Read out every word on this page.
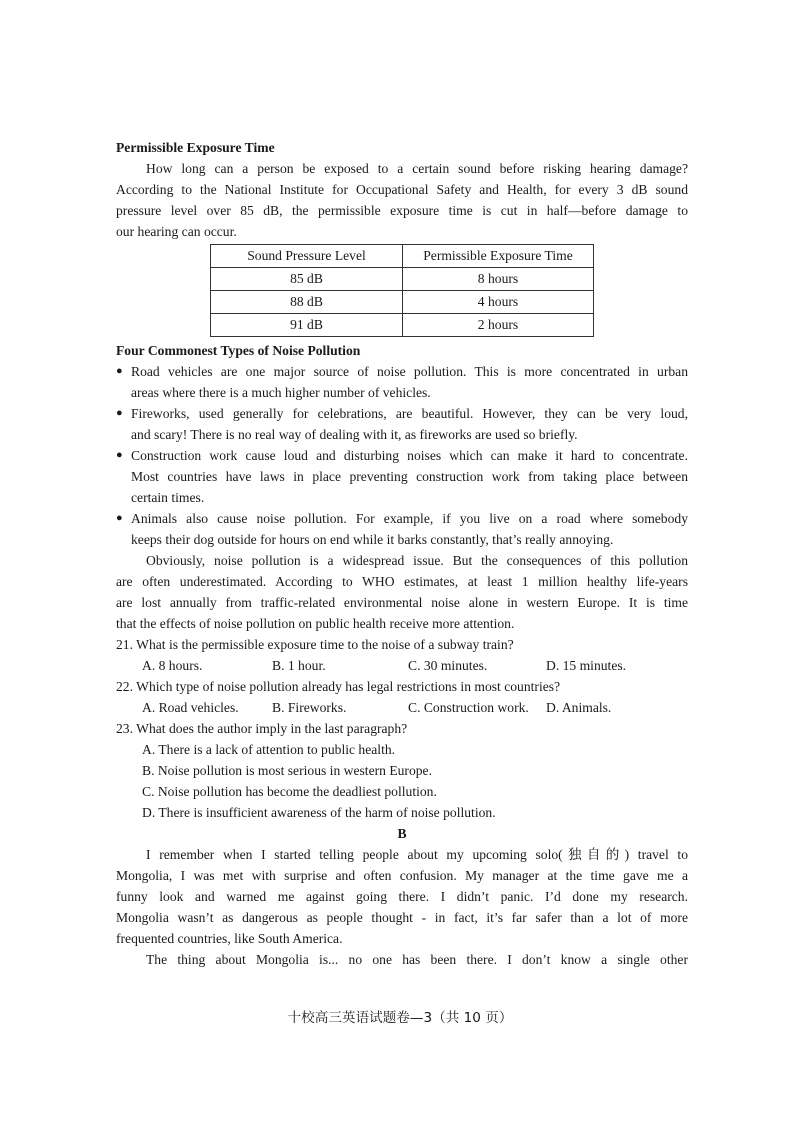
Permissible Exposure Time
How long can a person be exposed to a certain sound before risking hearing damage?
According to the National Institute for Occupational Safety and Health, for every 3 dB sound
pressure level over 85 dB, the permissible exposure time is cut in half—before damage to
our hearing can occur.
Sound Pressure Level	Permissible Exposure Time
85 dB	8 hours
88 dB	4 hours
91 dB	2 hours
Four Commonest Types of Noise Pollution
● Road vehicles are one major source of noise pollution. This is more concentrated in urban
areas where there is a much higher number of vehicles.
● Fireworks, used generally for celebrations, are beautiful. However, they can be very loud,
and scary! There is no real way of dealing with it, as fireworks are used so briefly.
● Construction work cause loud and disturbing noises which can make it hard to concentrate.
Most countries have laws in place preventing construction work from taking place between
certain times.
● Animals also cause noise pollution. For example, if you live on a road where somebody
keeps their dog outside for hours on end while it barks constantly, that’s really annoying.
Obviously, noise pollution is a widespread issue. But the consequences of this pollution
are often underestimated. According to WHO estimates, at least 1 million healthy life-years
are lost annually from traffic-related environmental noise alone in western Europe. It is time
that the effects of noise pollution on public health receive more attention.
21. What is the permissible exposure time to the noise of a subway train?
A. 8 hours.	B. 1 hour.	C. 30 minutes.	D. 15 minutes.
22. Which type of noise pollution already has legal restrictions in most countries?
A. Road vehicles. B. Fireworks.	C. Construction work. D. Animals.
23. What does the author imply in the last paragraph?
A. There is a lack of attention to public health.
B. Noise pollution is most serious in western Europe.
C. Noise pollution has become the deadliest pollution.
D. There is insufficient awareness of the harm of noise pollution.
B
I remember when I started telling people about my upcoming solo(独自的) travel to
Mongolia, I was met with surprise and often confusion. My manager at the time gave me a
funny look and warned me against going there. I didn’t panic. I’d done my research.
Mongolia wasn’t as dangerous as people thought - in fact, it’s far safer than a lot of more
frequented countries, like South America.
The thing about Mongolia is... no one has been there. I don’t know a single other
十校高三英语试题卷—3（共 10 页）
